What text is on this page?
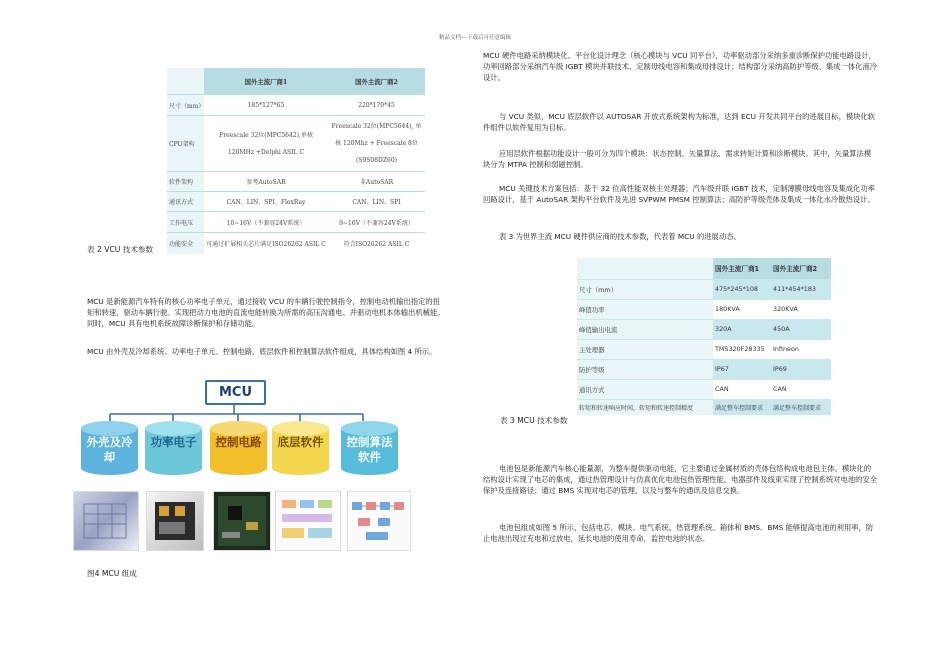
精品文档---下载后可任意编辑
	国外主流厂商1	国外主流厂商2
尺寸（mm）	185*127*65	220*170*45
CPU架构	Freescale 32位(MPC5642),单核 120MHz +Delphi ASIL C	Freescale 32位(MPC5644), 单核 120Mhz + Freescale 8位(S9S08DZ60)
软件架构	参考AutoSAR	非AutoSAR
通讯方式	CAN、LIN、SPI、FlexRay	CAN、LIN、SPI
工作电压	10~16V（不兼容24V系统）	9~16V（不兼容24V系统）
功能安全	可通过扩展相关芯片满足ISO26262 ASIL C	符合ISO26262 ASIL C
表 2 VCU 技术参数

MCU 是新能源汽车特有的核心功率电子单元，通过接收 VCU 的车辆行驶控制指令，控制电动机输出指定的扭矩和转速，驱动车辆行驶。实现把动力电池的直流电能转换为所需的高压沟通电、并驱动电机本体输出机械能。同时，MCU 具有电机系统故障诊断保护和存储功能。

MCU 由外壳及冷却系统、功率电子单元、控制电路、底层软件和控制算法软件组成，具体结构如图 4 所示。

MCU
外壳及冷却
功率电子	控制电路	底层软件	控制算法软件
图4 MCU 组成

MCU 硬件电路采纳模块化、平台化设计理念（核心模块与 VCU 同平台），功率驱动部分采纳多重诊断保护功能电路设计，功率回路部分采纳汽车级 IGBT 模块并联技术、定制母线电容和集成母排设计；结构部分采纳高防护等级、集成一体化液冷设计。

与 VCU 类似，MCU 底层软件以 AUTOSAR 开放式系统架构为标准，达到 ECU 开发共同平台的进展目标，模块化软件组件以软件复用为目标。

应用层软件根据功能设计一般可分为四个模块：状态控制、矢量算法、需求转矩计算和诊断模块。其中，矢量算法模块分为 MTPA 控制和弱磁控制。

MCU 关键技术方案包括：基于 32 位高性能双核主处理器；汽车级并联 IGBT 技术，定制薄膜母线电容及集成化功率回路设计，基于 AutoSAR 架构平台软件及先进 SVPWM PMSM 控制算法；高防护等级壳体及集成一体化水冷散热设计。

表 3 为世界主流 MCU 硬件供应商的技术参数，代表着 MCU 的进展动态。

	国外主流厂商1	国外主流厂商2
尺寸（mm）	475*245*108	411*454*183
峰值功率	180KVA	320KVA
峰值输出电流	320A	450A
主处理器	TMS320F28335	Infineon
防护等级	IP67	IP69
通讯方式	CAN	CAN
转矩和转速响应时间，转矩和转速控制精度	满足整车控制要求	满足整车控制要求
表 3 MCU 技术参数

电池包是新能源汽车核心能量源，为整车提供驱动电能，它主要通过金属材质的壳体包络构成电池包主体。模块化的结构设计实现了电芯的集成，通过热管理设计与仿真优化电池包热管理性能，电器部件及线束实现了控制系统对电池的安全保护及连接路径；通过 BMS 实现对电芯的管理，以及与整车的通讯及信息交换。

电池包组成如图 5 所示，包括电芯、模块、电气系统、热管理系统、箱体和 BMS。BMS 能够提高电池的利用率，防止电池出现过充电和过放电，延长电池的使用寿命，监控电池的状态。
